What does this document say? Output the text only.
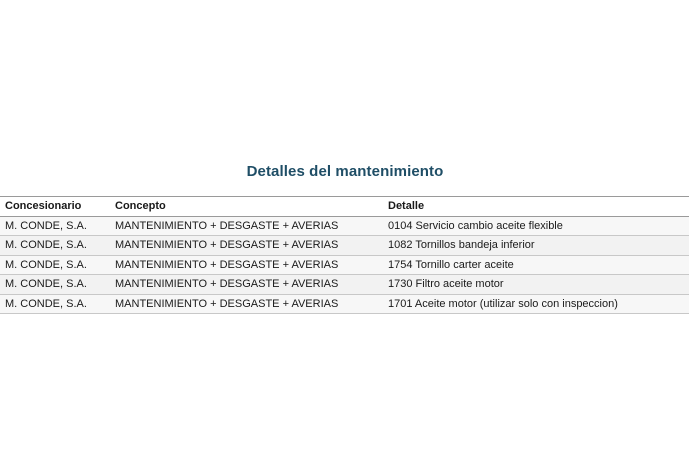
Detalles del mantenimiento
Concesionario	Concepto	Detalle
M. CONDE, S.A.	MANTENIMIENTO + DESGASTE + AVERIAS	0104 Servicio cambio aceite flexible
M. CONDE, S.A.	MANTENIMIENTO + DESGASTE + AVERIAS	1082 Tornillos bandeja inferior
M. CONDE, S.A.	MANTENIMIENTO + DESGASTE + AVERIAS	1754 Tornillo carter aceite
M. CONDE, S.A.	MANTENIMIENTO + DESGASTE + AVERIAS	1730 Filtro aceite motor
M. CONDE, S.A.	MANTENIMIENTO + DESGASTE + AVERIAS	1701 Aceite motor (utilizar solo con inspeccion)
